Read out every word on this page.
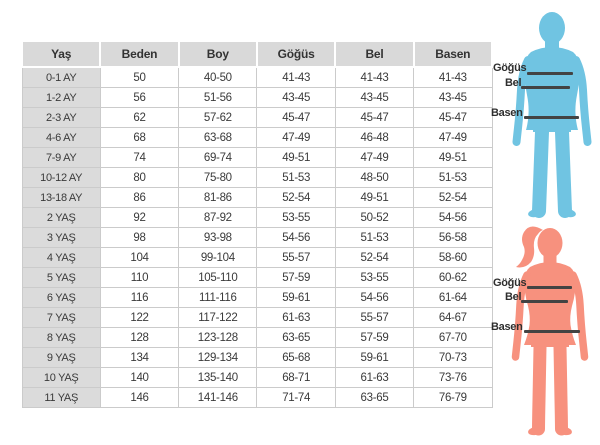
Yaş	Beden	Boy	Göğüs	Bel	Basen
0-1 AY	50	40-50	41-43	41-43	41-43
1-2 AY	56	51-56	43-45	43-45	43-45
2-3 AY	62	57-62	45-47	45-47	45-47
4-6 AY	68	63-68	47-49	46-48	47-49
7-9 AY	74	69-74	49-51	47-49	49-51
10-12 AY	80	75-80	51-53	48-50	51-53
13-18 AY	86	81-86	52-54	49-51	52-54
2 YAŞ	92	87-92	53-55	50-52	54-56
3 YAŞ	98	93-98	54-56	51-53	56-58
4 YAŞ	104	99-104	55-57	52-54	58-60
5 YAŞ	110	105-110	57-59	53-55	60-62
6 YAŞ	116	111-116	59-61	54-56	61-64
7 YAŞ	122	117-122	61-63	55-57	64-67
8 YAŞ	128	123-128	63-65	57-59	67-70
9 YAŞ	134	129-134	65-68	59-61	70-73
10 YAŞ	140	135-140	68-71	61-63	73-76
11 YAŞ	146	141-146	71-74	63-65	76-79
Göğüs
Bel
Basen
Göğüs
Bel
Basen
